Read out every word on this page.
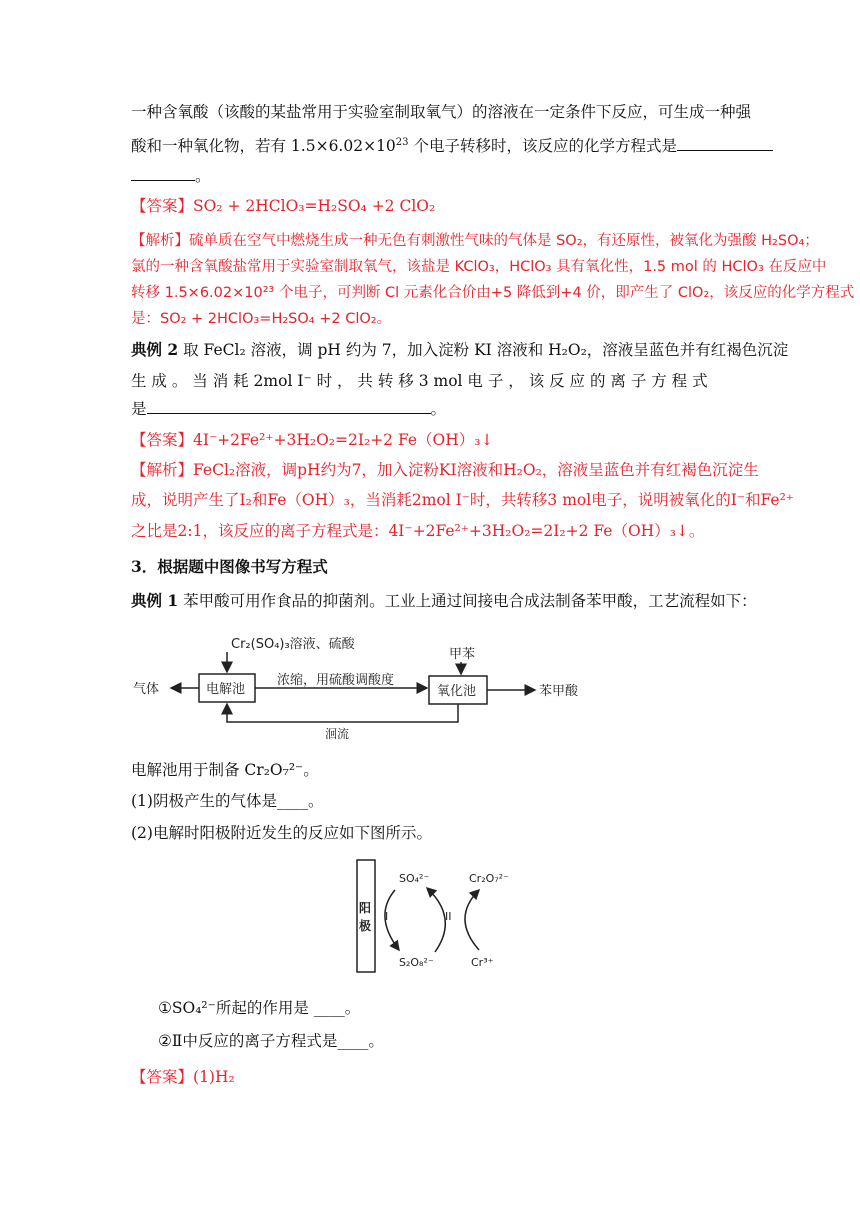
一种含氧酸（该酸的某盐常用于实验室制取氧气）的溶液在一定条件下反应，可生成一种强
酸和一种氧化物，若有 $1.5\times 6.02\times 10^{23}$ 个电子转移时，该反应的化学方程式是
。
【答案】SO₂ + 2HClO₃=H₂SO₄ +2 ClO₂
【解析】硫单质在空气中燃烧生成一种无色有刺激性气味的气体是 SO₂，有还原性，被氧化为强酸 H₂SO₄；
氯的一种含氧酸盐常用于实验室制取氧气，该盐是 KClO₃，HClO₃ 具有氧化性，1.5 mol 的 HClO₃ 在反应中
转移 1.5×6.02×10²³ 个电子，可判断 Cl 元素化合价由+5 降低到+4 价，即产生了 ClO₂，该反应的化学方程式
是：SO₂ + 2HClO₃=H₂SO₄ +2 ClO₂。
典例 2 取 FeCl₂ 溶液，调 pH 约为 7，加入淀粉 KI 溶液和 H₂O₂，溶液呈蓝色并有红褐色沉淀
生 成 。 当 消 耗 2mol I⁻ 时 ， 共 转 移 3 mol 电 子 ， 该 反 应 的 离 子 方 程 式
是	。
【答案】4I⁻+2Fe²⁺+3H₂O₂=2I₂+2 Fe（OH）₃↓
【解析】FeCl₂溶液，调pH约为7，加入淀粉KI溶液和H₂O₂，溶液呈蓝色并有红褐色沉淀生
成，说明产生了I₂和Fe（OH）₃，当消耗2mol I⁻时，共转移3 mol电子，说明被氧化的I⁻和Fe²⁺
之比是2:1，该反应的离子方程式是：4I⁻+2Fe²⁺+3H₂O₂=2I₂+2 Fe（OH）₃↓。
3．根据题中图像书写方程式
典例 1 苯甲酸可用作食品的抑菌剂。工业上通过间接电合成法制备苯甲酸，工艺流程如下：
Cr₂(SO₄)₃溶液、硫酸
电解池
气体
浓缩，用硫酸调酸度
甲苯
氧化池	苯甲酸
洄流
电解池用于制备 Cr₂O₇²⁻。
(1)阴极产生的气体是____。
(2)电解时阳极附近发生的反应如下图所示。
阳
极
SO₄²⁻
S₂O₈²⁻
Cr₂O₇²⁻
Cr³⁺
I	II
①SO₄²⁻所起的作用是 ____。
②Ⅱ中反应的离子方程式是____。
【答案】(1)H₂
